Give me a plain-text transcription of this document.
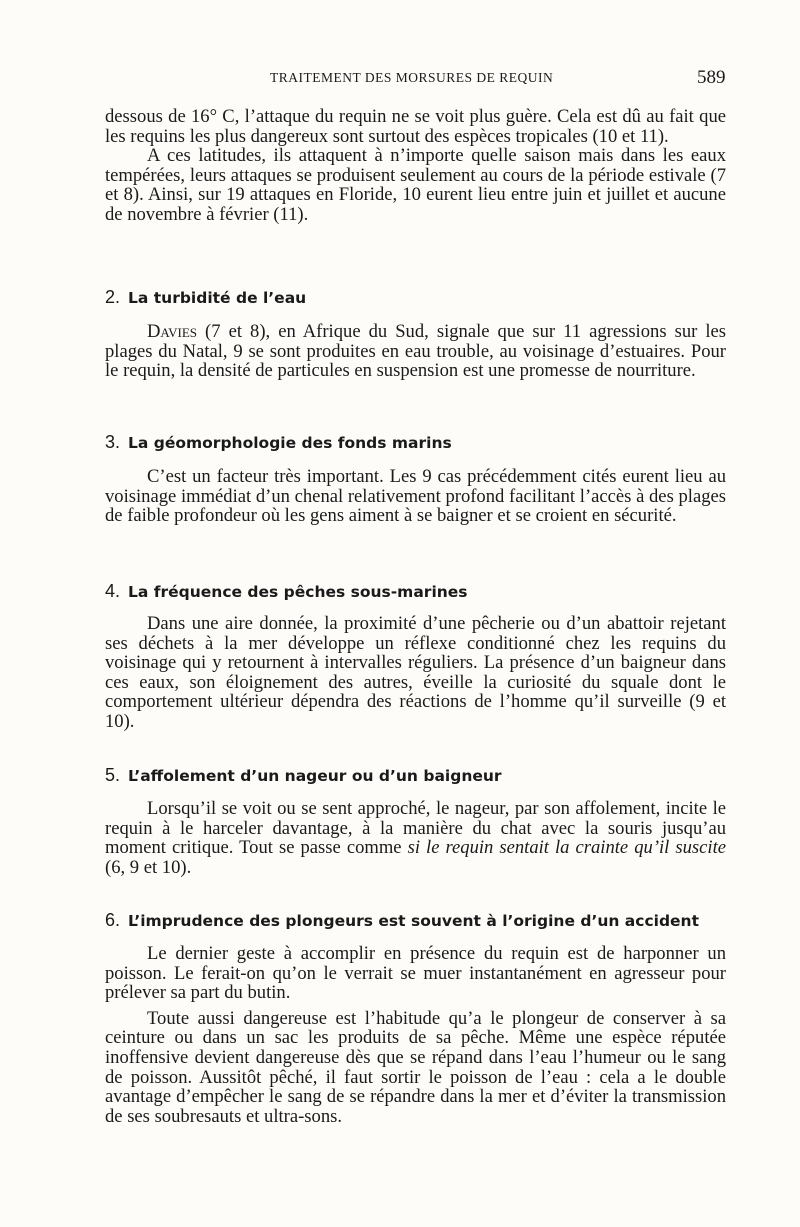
TRAITEMENT DES MORSURES DE REQUIN	589

dessous de 16° C, l’attaque du requin ne se voit plus guère. Cela est dû au fait que les requins les plus dangereux sont surtout des espèces tropicales (10 et 11).

A ces latitudes, ils attaquent à n’importe quelle saison mais dans les eaux tempérées, leurs attaques se produisent seulement au cours de la période estivale (7 et 8). Ainsi, sur 19 attaques en Floride, 10 eurent lieu entre juin et juillet et aucune de novembre à février (11).

2. La turbidité de l’eau

Davies (7 et 8), en Afrique du Sud, signale que sur 11 agressions sur les plages du Natal, 9 se sont produites en eau trouble, au voisinage d’estuaires. Pour le requin, la densité de particules en suspension est une promesse de nourriture.

3. La géomorphologie des fonds marins

C’est un facteur très important. Les 9 cas précédemment cités eurent lieu au voisinage immédiat d’un chenal relativement profond facilitant l’accès à des plages de faible profondeur où les gens aiment à se baigner et se croient en sécurité.

4. La fréquence des pêches sous-marines

Dans une aire donnée, la proximité d’une pêcherie ou d’un abattoir rejetant ses déchets à la mer développe un réflexe conditionné chez les requins du voisinage qui y retournent à intervalles réguliers. La présence d’un baigneur dans ces eaux, son éloignement des autres, éveille la curiosité du squale dont le comportement ultérieur dépendra des réactions de l’homme qu’il surveille (9 et 10).

5. L’affolement d’un nageur ou d’un baigneur

Lorsqu’il se voit ou se sent approché, le nageur, par son affolement, incite le requin à le harceler davantage, à la manière du chat avec la souris jusqu’au moment critique. Tout se passe comme si le requin sentait la crainte qu’il suscite (6, 9 et 10).

6. L’imprudence des plongeurs est souvent à l’origine d’un accident

Le dernier geste à accomplir en présence du requin est de harponner un poisson. Le ferait-on qu’on le verrait se muer instantanément en agresseur pour prélever sa part du butin.

Toute aussi dangereuse est l’habitude qu’a le plongeur de conserver à sa ceinture ou dans un sac les produits de sa pêche. Même une espèce réputée inoffensive devient dangereuse dès que se répand dans l’eau l’humeur ou le sang de poisson. Aussitôt pêché, il faut sortir le poisson de l’eau : cela a le double avantage d’empêcher le sang de se répandre dans la mer et d’éviter la transmission de ses soubresauts et ultra-sons.
